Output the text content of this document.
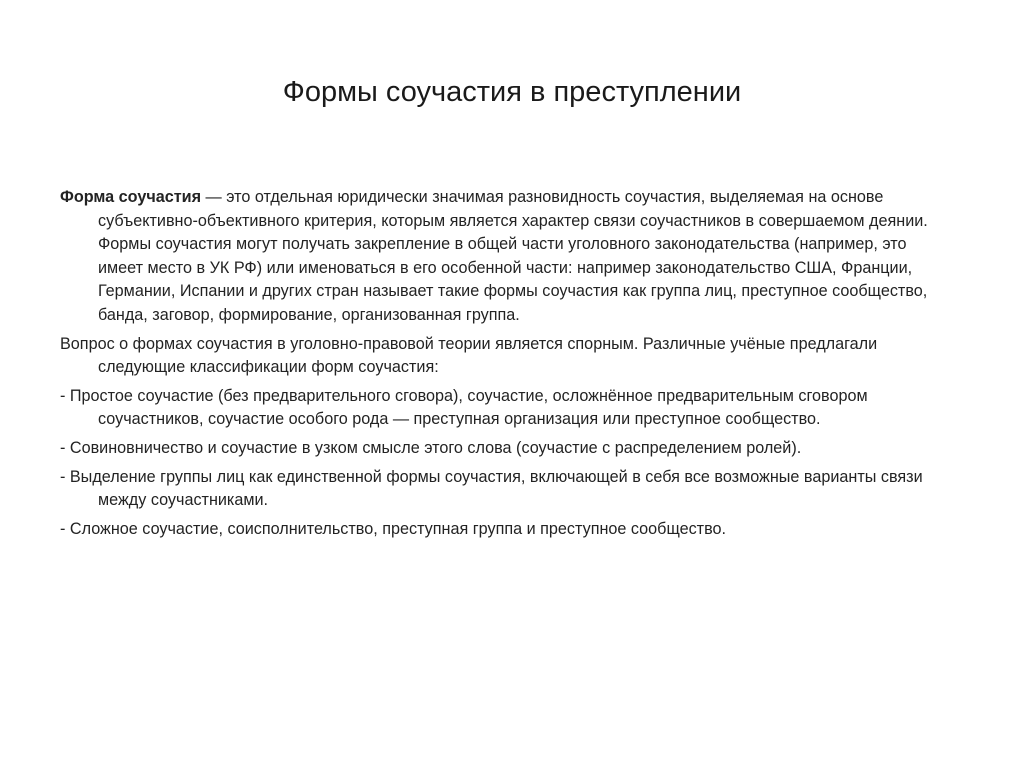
Формы соучастия в преступлении

Форма соучастия — это отдельная юридически значимая разновидность соучастия, выделяемая на основе субъективно-объективного критерия, которым является характер связи соучастников в совершаемом деянии. Формы соучастия могут получать закрепление в общей части уголовного законодательства (например, это имеет место в УК РФ) или именоваться в его особенной части: например законодательство США, Франции, Германии, Испании и других стран называет такие формы соучастия как группа лиц, преступное сообщество, банда, заговор, формирование, организованная группа.

Вопрос о формах соучастия в уголовно-правовой теории является спорным. Различные учёные предлагали следующие классификации форм соучастия:

- Простое соучастие (без предварительного сговора), соучастие, осложнённое предварительным сговором соучастников, соучастие особого рода — преступная организация или преступное сообщество.

- Совиновничество и соучастие в узком смысле этого слова (соучастие с распределением ролей).

- Выделение группы лиц как единственной формы соучастия, включающей в себя все возможные варианты связи между соучастниками.

- Сложное соучастие, соисполнительство, преступная группа и преступное сообщество.
